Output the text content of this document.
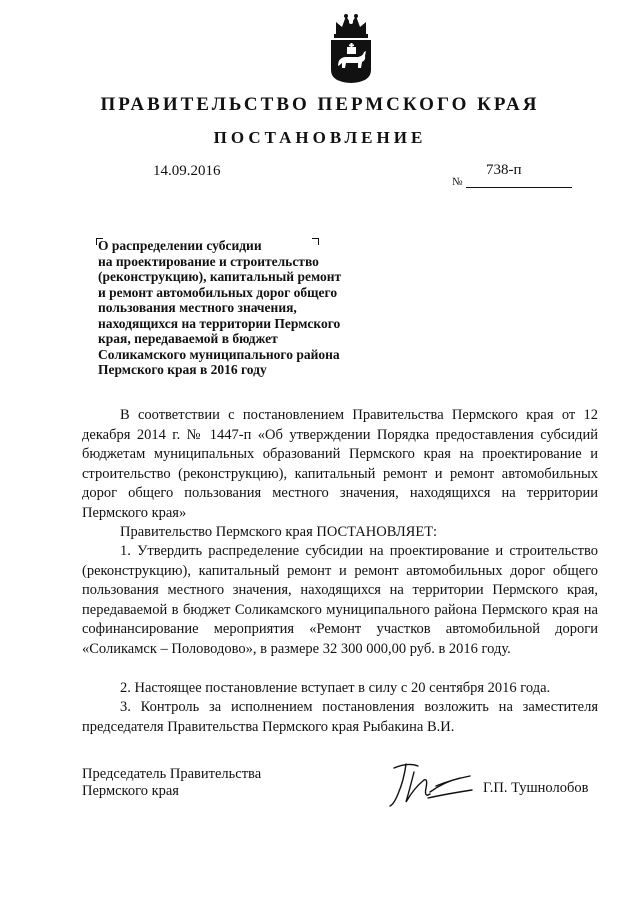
ПРАВИТЕЛЬСТВО ПЕРМСКОГО КРАЯ
ПОСТАНОВЛЕНИЕ
14.09.2016	738-п
№
О распределении субсидии
на проектирование и строительство
(реконструкцию), капитальный ремонт
и ремонт автомобильных дорог общего
пользования местного значения,
находящихся на территории Пермского
края, передаваемой в бюджет
Соликамского муниципального района
Пермского края в 2016 году
В соответствии с постановлением Правительства Пермского края от 12 декабря 2014 г. № 1447-п «Об утверждении Порядка предоставления субсидий бюджетам муниципальных образований Пермского края на проектирование и строительство (реконструкцию), капитальный ремонт и ремонт автомобильных дорог общего пользования местного значения, находящихся на территории Пермского края»
Правительство Пермского края ПОСТАНОВЛЯЕТ:
1. Утвердить распределение субсидии на проектирование и строительство (реконструкцию), капитальный ремонт и ремонт автомобильных дорог общего пользования местного значения, находящихся на территории Пермского края, передаваемой в бюджет Соликамского муниципального района Пермского края на софинансирование мероприятия «Ремонт участков автомобильной дороги «Соликамск – Половодово», в размере 32 300 000,00 руб. в 2016 году.
2. Настоящее постановление вступает в силу с 20 сентября 2016 года.
3. Контроль за исполнением постановления возложить на заместителя председателя Правительства Пермского края Рыбакина В.И.
Председатель Правительства
Пермского края	Г.П. Тушнолобов
